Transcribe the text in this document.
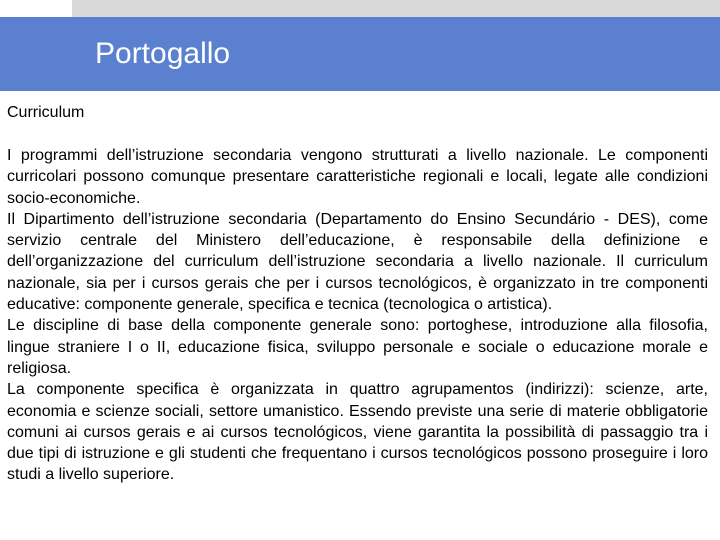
Portogallo
Curriculum

I programmi dell’istruzione secondaria vengono strutturati a livello nazionale. Le componenti curricolari possono comunque presentare caratteristiche regionali e locali, legate alle condizioni socio-economiche.

Il Dipartimento dell’istruzione secondaria (Departamento do Ensino Secundário - DES), come servizio centrale del Ministero dell’educazione, è responsabile della definizione e dell’organizzazione del curriculum dell’istruzione secondaria a livello nazionale. Il curriculum nazionale, sia per i cursos gerais che per i cursos tecnológicos, è organizzato in tre componenti educative: componente generale, specifica e tecnica (tecnologica o artistica).

Le discipline di base della componente generale sono: portoghese, introduzione alla filosofia, lingue straniere I o II, educazione fisica, sviluppo personale e sociale o educazione morale e religiosa.

La componente specifica è organizzata in quattro agrupamentos (indirizzi): scienze, arte, economia e scienze sociali, settore umanistico. Essendo previste una serie di materie obbligatorie comuni ai cursos gerais e ai cursos tecnológicos, viene garantita la possibilità di passaggio tra i due tipi di istruzione e gli studenti che frequentano i cursos tecnológicos possono proseguire i loro studi a livello superiore.
